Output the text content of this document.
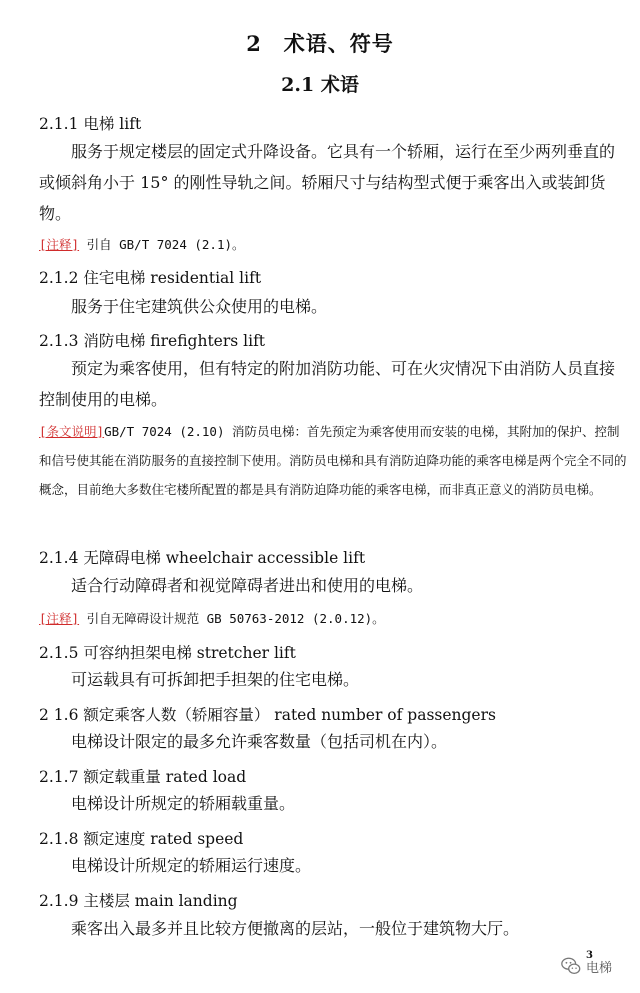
2　术语、符号
2.1 术语
2.1.1 电梯 lift
服务于规定楼层的固定式升降设备。它具有一个轿厢，运行在至少两列垂直的或倾斜角小于 15° 的刚性导轨之间。轿厢尺寸与结构型式便于乘客出入或装卸货物。
[注释] 引自 GB/T 7024 (2.1)。
2.1.2 住宅电梯 residential lift
服务于住宅建筑供公众使用的电梯。
2.1.3 消防电梯 firefighters lift
预定为乘客使用，但有特定的附加消防功能、可在火灾情况下由消防人员直接控制使用的电梯。
[条文说明]GB/T 7024 (2.10) 消防员电梯：首先预定为乘客使用而安装的电梯，其附加的保护、控制和信号使其能在消防服务的直接控制下使用。消防员电梯和具有消防迫降功能的乘客电梯是两个完全不同的概念，目前绝大多数住宅楼所配置的都是具有消防迫降功能的乘客电梯，而非真正意义的消防员电梯。
2.1.4 无障碍电梯 wheelchair accessible lift
适合行动障碍者和视觉障碍者进出和使用的电梯。
[注释] 引自无障碍设计规范 GB 50763-2012 (2.0.12)。
2.1.5 可容纳担架电梯 stretcher lift
可运载具有可拆卸把手担架的住宅电梯。
2 1.6 额定乘客人数（轿厢容量） rated number of passengers
电梯设计限定的最多允许乘客数量（包括司机在内）。
2.1.7 额定载重量 rated load
电梯设计所规定的轿厢载重量。
2.1.8 额定速度 rated speed
电梯设计所规定的轿厢运行速度。
2.1.9 主楼层 main landing
乘客出入最多并且比较方便撤离的层站，一般位于建筑物大厅。
3
电梯
